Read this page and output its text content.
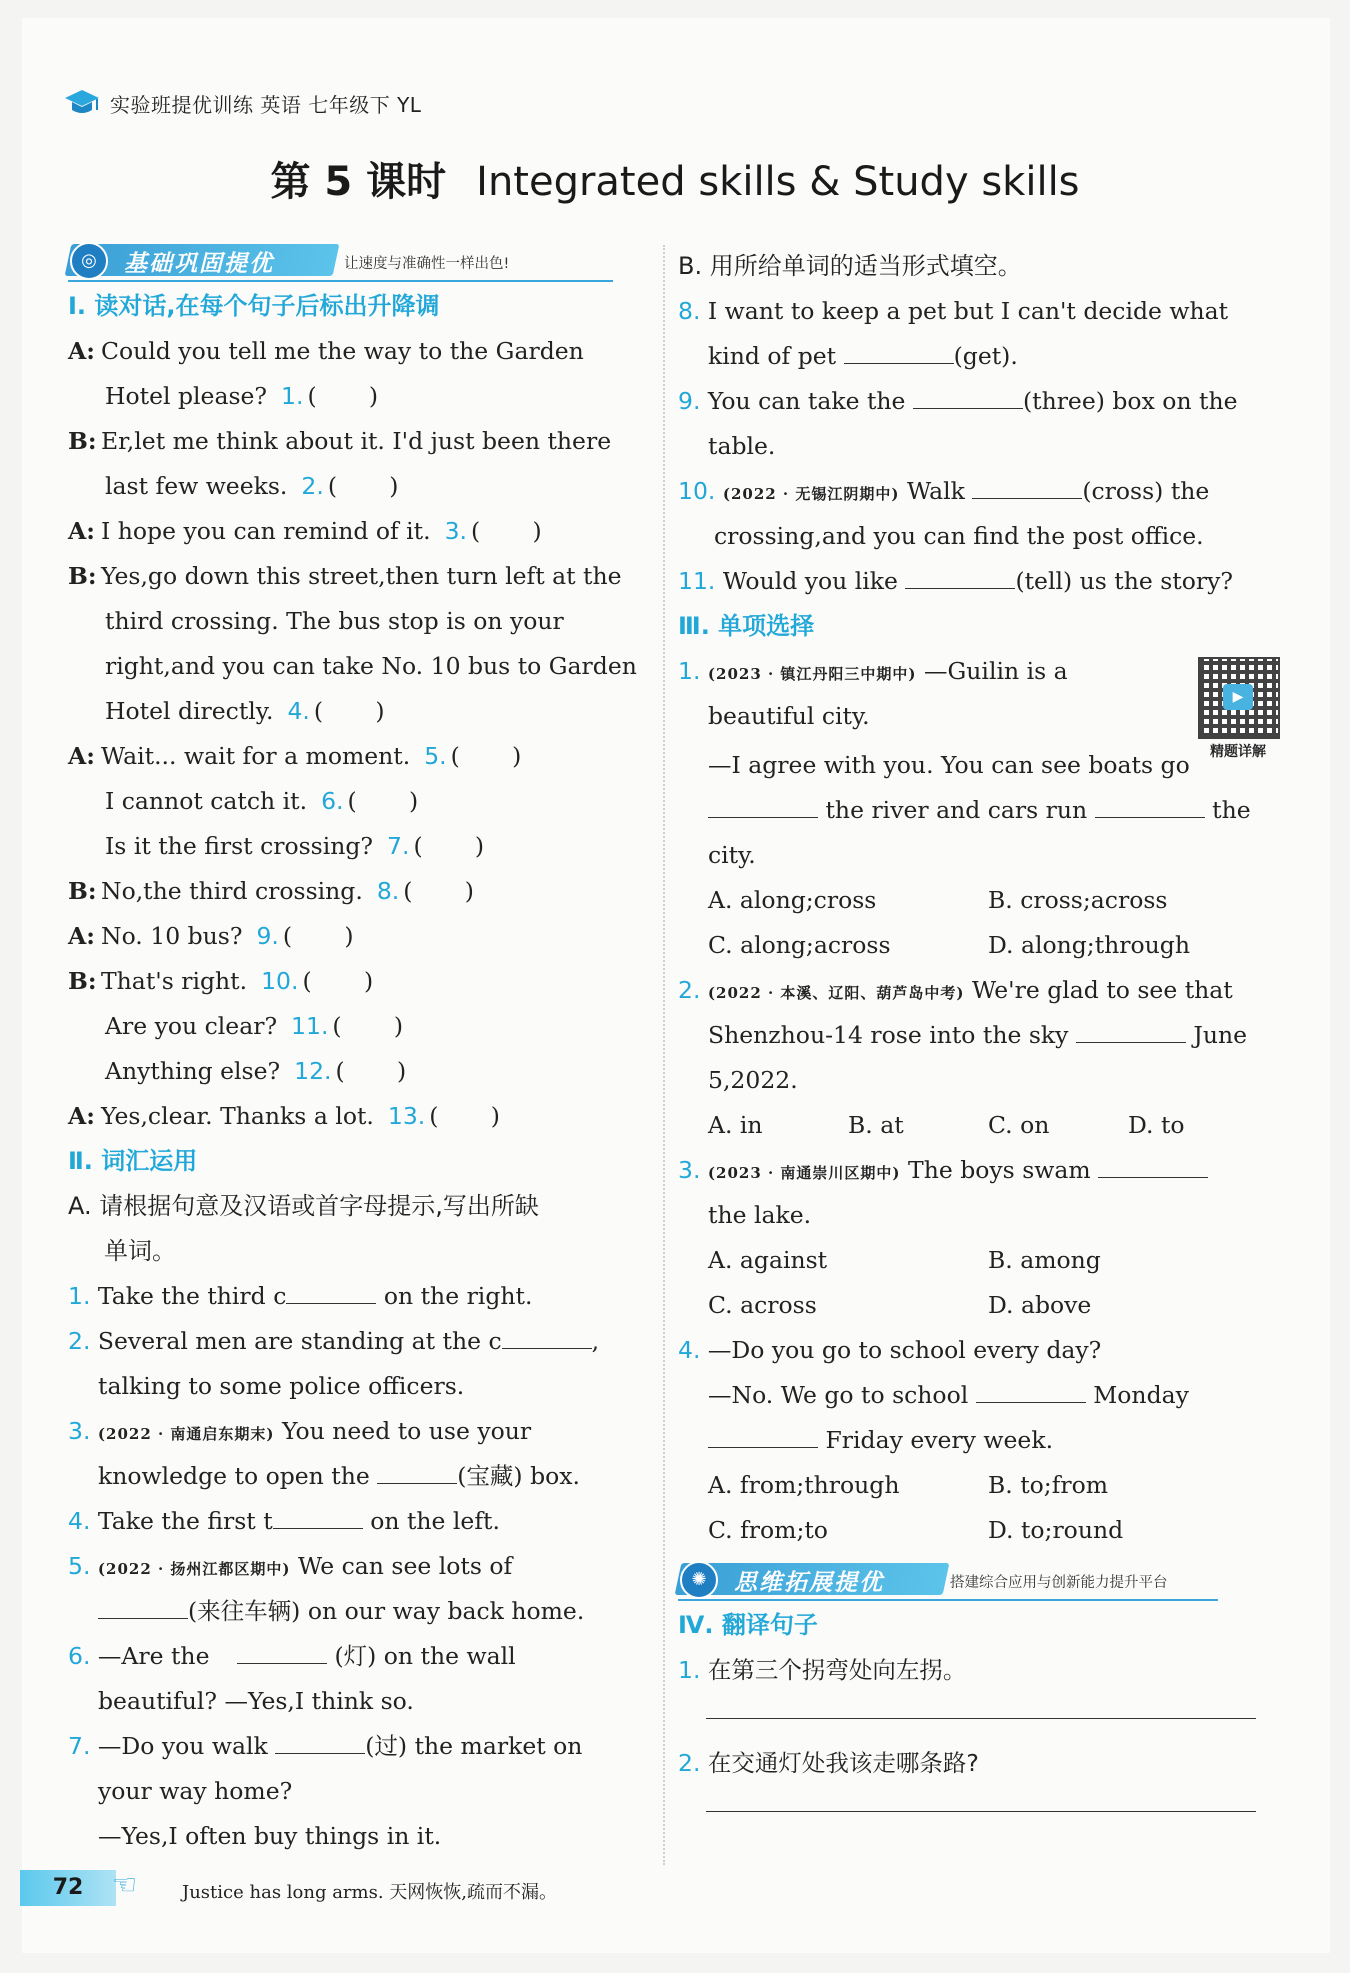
实验班提优训练 英语 七年级下 YL
第 5 课时 Integrated skills & Study skills
◎	基础巩固提优	让速度与准确性一样出色!
Ⅰ. 读对话,在每个句子后标出升降调
A: Could you tell me the way to the Garden
Hotel please? 1. (       )
B: Er,let me think about it. I'd just been there
last few weeks. 2. (       )
A: I hope you can remind of it. 3. (       )
B: Yes,go down this street,then turn left at the
third crossing. The bus stop is on your
right,and you can take No. 10 bus to Garden
Hotel directly. 4. (       )
A: Wait... wait for a moment. 5. (       )
I cannot catch it. 6. (       )
Is it the first crossing? 7. (       )
B: No,the third crossing. 8. (       )
A: No. 10 bus? 9. (       )
B: That's right. 10. (       )
Are you clear? 11. (       )
Anything else? 12. (       )
A: Yes,clear. Thanks a lot. 13. (       )
Ⅱ. 词汇运用
A. 请根据句意及汉语或首字母提示,写出所缺
单词。
1. Take the third c	on the right.
2. Several men are standing at the c	,
talking to some police officers.
3. (2022 · 南通启东期末) You need to use your
knowledge to open the	(宝藏) box.
4. Take the first t	on the left.
5. (2022 · 扬州江都区期中) We can see lots of
(来往车辆) on our way back home.
6. —Are the	(灯) on the wall
beautiful? —Yes,I think so.
7. —Do you walk	(过) the market on
your way home?
—Yes,I often buy things in it.
B. 用所给单词的适当形式填空。
8. I want to keep a pet but I can't decide what
kind of pet	(get).
9. You can take the	(three) box on the
table.
10. (2022 · 无锡江阴期中) Walk	(cross) the
crossing,and you can find the post office.
11. Would you like	(tell) us the story?
Ⅲ. 单项选择
▶
精题详解
1. (2023 · 镇江丹阳三中期中) —Guilin is a
beautiful city.
—I agree with you. You can see boats go
the river and cars run	the
city.
A. along;cross	B. cross;across
C. along;across	D. along;through
2. (2022 · 本溪、辽阳、葫芦岛中考) We're glad to see that
Shenzhou-14 rose into the sky	June
5,2022.
A. in	B. at	C. on	D. to
3. (2023 · 南通崇川区期中) The boys swam
the lake.
A. against	B. among
C. across	D. above
4. —Do you go to school every day?
—No. We go to school	Monday
Friday every week.
A. from;through	B. to;from
C. from;to	D. to;round
✺	思维拓展提优	搭建综合应用与创新能力提升平台
Ⅳ. 翻译句子
1. 在第三个拐弯处向左拐。
2. 在交通灯处我该走哪条路?
72	☜ Justice has long arms. 天网恢恢,疏而不漏。
